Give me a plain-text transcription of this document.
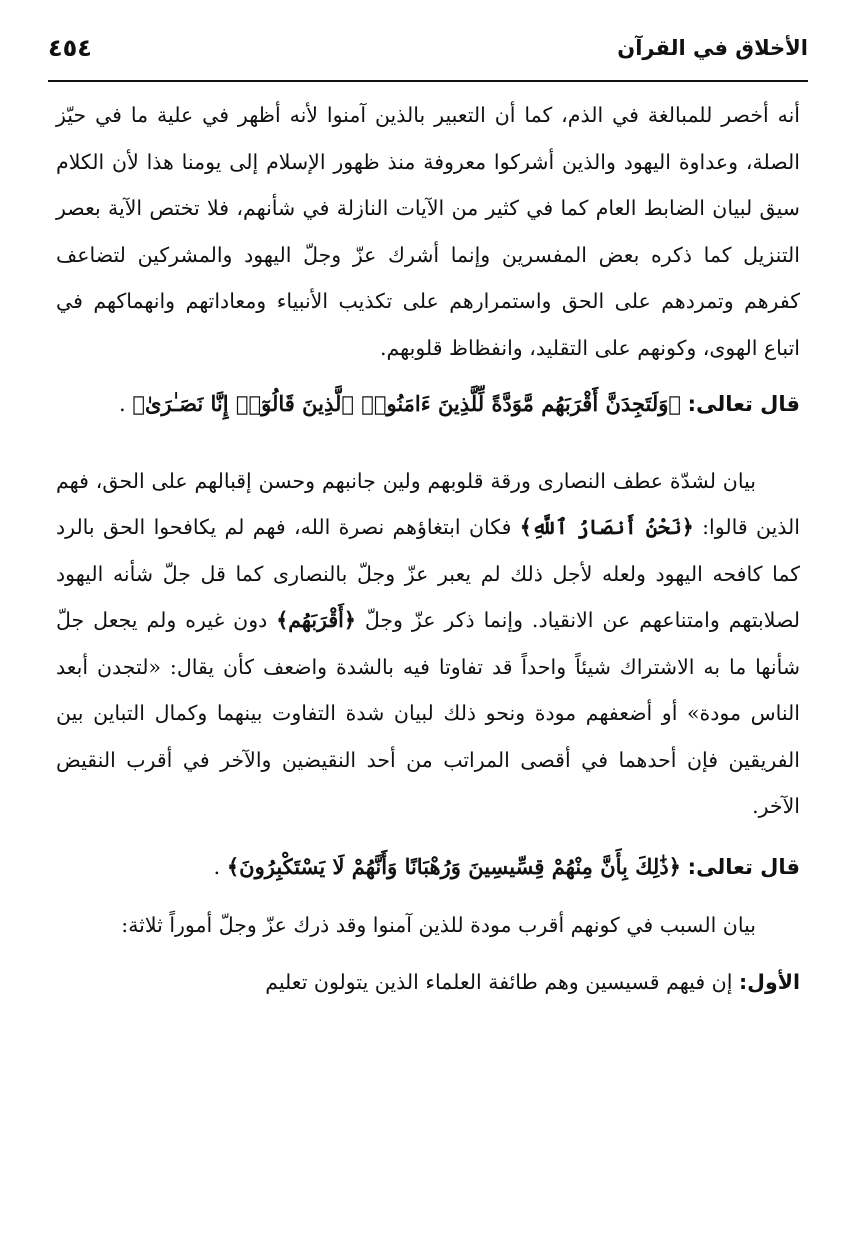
الأخلاق في القرآن
٤٥٤

أنه أخصر للمبالغة في الذم، كما أن التعبير بالذين آمنوا لأنه أظهر في علية ما في حيّز الصلة، وعداوة اليهود والذين أشركوا معروفة منذ ظهور الإسلام إلى يومنا هذا لأن الكلام سيق لبيان الضابط العام كما في كثير من الآيات النازلة في شأنهم، فلا تختص الآية بعصر التنزيل كما ذكره بعض المفسرين وإنما أشرك عزّ وجلّ اليهود والمشركين لتضاعف كفرهم وتمردهم على الحق واستمرارهم على تكذيب الأنبياء ومعاداتهم وانهماكهم في اتباع الهوى، وكونهم على التقليد، وانفظاظ قلوبهم.

قال تعالى: ﴿وَلَتَجِدَنَّ أَقْرَبَهُم مَّوَدَّةً لِّلَّذِينَ ءَامَنُوا۟ ٱلَّذِينَ قَالُوٓا۟ إِنَّا نَصَـٰرَىٰ﴾ .

بيان لشدّة عطف النصارى ورقة قلوبهم ولين جانبهم وحسن إقبالهم على الحق، فهم الذين قالوا: ﴿نَحْنُ أَنصَارُ ٱللَّهِ﴾ فكان ابتغاؤهم نصرة الله، فهم لم يكافحوا الحق بالرد كما كافحه اليهود ولعله لأجل ذلك لم يعبر عزّ وجلّ بالنصارى كما قل جلّ شأنه اليهود لصلابتهم وامتناعهم عن الانقياد. وإنما ذكر عزّ وجلّ ﴿أَقْرَبَهُم﴾ دون غيره ولم يجعل جلّ شأنها ما به الاشتراك شيئاً واحداً قد تفاوتا فيه بالشدة واضعف كأن يقال: «لتجدن أبعد الناس مودة» أو أضعفهم مودة ونحو ذلك لبيان شدة التفاوت بينهما وكمال التباين بين الفريقين فإن أحدهما في أقصى المراتب من أحد النقيضين والآخر في أقرب النقيض الآخر.

قال تعالى: ﴿ذَٰلِكَ بِأَنَّ مِنْهُمْ قِسِّيسِينَ وَرُهْبَانًا وَأَنَّهُمْ لَا يَسْتَكْبِرُونَ﴾ .

بيان السبب في كونهم أقرب مودة للذين آمنوا وقد ذرك عزّ وجلّ أموراً ثلاثة:

الأول: إن فيهم قسيسين وهم طائفة العلماء الذين يتولون تعليم
